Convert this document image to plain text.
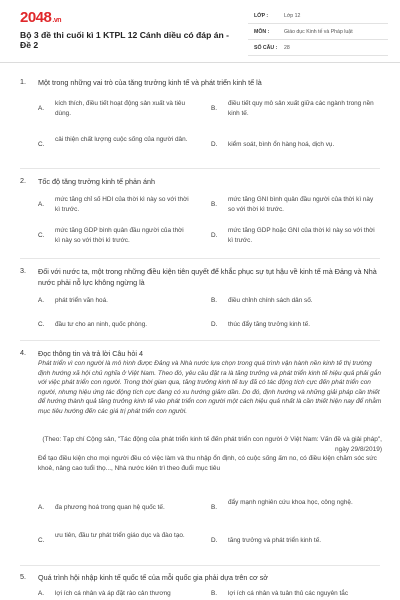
2048.vn
Bộ 3 đề thi cuối kì 1 KTPL 12 Cánh diều có đáp án - Đề 2
LỚP :	Lớp 12
MÔN :	Giáo dục Kinh tế và Pháp luật
SỐ CÂU : 28
1. Một trong những vai trò của tăng trưởng kinh tế và phát triển kinh tế là
A.
kích thích, điều tiết hoạt động sản xuất và tiêu dùng.
B.
điều tiết quy mô sản xuất giữa các ngành trong nền kinh tế.
C.
cải thiện chất lượng cuộc sống của người dân.
D. kiểm soát, bình ổn hàng hoá, dịch vụ.
2. Tốc độ tăng trưởng kinh tế phản ánh
A.
mức tăng chỉ số HDI của thời kì này so với thời kì trước.
B.
mức tăng GNI bình quân đầu người của thời kì này so với thời kì trước.
C.
mức tăng GDP bình quân đầu người của thời kì này so với thời kì trước.
D.
mức tăng GDP hoặc GNI của thời kì này so với thời kì trước.
3. Đối với nước ta, một trong những điều kiện tiên quyết để khắc phục sự tụt hậu về kinh tế mà Đảng và Nhà nước phải nỗ lực không ngừng là
A. phát triển văn hoá.	B. điều chỉnh chính sách dân số.
C. đầu tư cho an ninh, quốc phòng.	D. thúc đẩy tăng trưởng kinh tế.
4. Đọc thông tin và trả lời Câu hỏi 4
Phát triển vì con người là mô hình được Đảng và Nhà nước lựa chọn trong quá trình vận hành nền kinh tế thị trường định hướng xã hội chủ nghĩa ở Việt Nam. Theo đó, yêu cầu đặt ra là tăng trưởng và phát triển kinh tế hiệu quả phải gắn với việc phát triển con người. Trong thời gian qua, tăng trưởng kinh tế tuy đã có tác động tích cực đến phát triển con người, nhưng hiệu ứng tác động tích cực đang có xu hướng giảm dần. Do đó, định hướng và những giải pháp cần thiết để hướng thành quả tăng trưởng kinh tế vào phát triển con người một cách hiệu quả nhất là cần thiết hiện nay để nhằm mục tiêu hướng đến các giá trị phát triển con người.
(Theo: Tạp chí Cộng sản, "Tác động của phát triển kinh tế đến phát triển con người ở Việt Nam: Vấn đề và giải pháp", ngày 29/8/2019)
Để tạo điều kiện cho mọi người đều có việc làm và thu nhập ổn định, có cuộc sống ấm no, có điều kiện chăm sóc sức khoẻ, nâng cao tuổi thọ..., Nhà nước kiên trì theo đuổi mục tiêu
A. đa phương hoá trong quan hệ quốc tế.	B.
đẩy mạnh nghiên cứu khoa học, công nghệ.
C.
ưu tiên, đầu tư phát triển giáo dục và đào tạo.
D. tăng trưởng và phát triển kinh tế.
5. Quá trình hội nhập kinh tế quốc tế của mỗi quốc gia phải dựa trên cơ sở
A. lợi ích cá nhân và áp đặt rào cản thương	B. lợi ích cá nhân và tuân thủ các nguyên tắc
